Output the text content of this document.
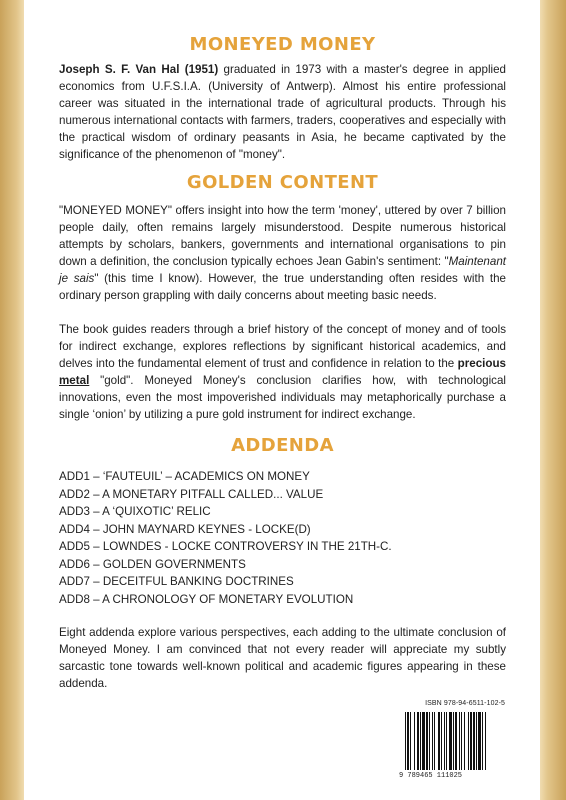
MONEYED MONEY

Joseph S. F. Van Hal (1951) graduated in 1973 with a master's degree in applied economics from U.F.S.I.A. (University of Antwerp). Almost his entire professional career was situated in the international trade of agricultural products. Through his numerous international contacts with farmers, traders, cooperatives and especially with the practical wisdom of ordinary peasants in Asia, he became captivated by the significance of the phenomenon of "money".

GOLDEN CONTENT

"MONEYED MONEY" offers insight into how the term 'money', uttered by over 7 billion people daily, often remains largely misunderstood. Despite numerous historical attempts by scholars, bankers, governments and international organisations to pin down a definition, the conclusion typically echoes Jean Gabin's sentiment: "Maintenant je sais" (this time I know). However, the true understanding often resides with the ordinary person grappling with daily concerns about meeting basic needs.

The book guides readers through a brief history of the concept of money and of tools for indirect exchange, explores reflections by significant historical academics, and delves into the fundamental element of trust and confidence in relation to the precious metal "gold". Moneyed Money's conclusion clarifies how, with technological innovations, even the most impoverished individuals may metaphorically purchase a single ‘onion’ by utilizing a pure gold instrument for indirect exchange.

ADDENDA
ADD1 – ‘FAUTEUIL’ – ACADEMICS ON MONEY
ADD2 – A MONETARY PITFALL CALLED... VALUE
ADD3 – A ‘QUIXOTIC’ RELIC
ADD4 – JOHN MAYNARD KEYNES - LOCKE(D)
ADD5 – LOWNDES - LOCKE CONTROVERSY IN THE 21TH-C.
ADD6 – GOLDEN GOVERNMENTS
ADD7 – DECEITFUL BANKING DOCTRINES
ADD8 – A CHRONOLOGY OF MONETARY EVOLUTION

Eight addenda explore various perspectives, each adding to the ultimate conclusion of Moneyed Money. I am convinced that not every reader will appreciate my subtly sarcastic tone towards well-known political and academic figures appearing in these addenda.

ISBN 978-94-6511-102-5
9 789465 111025
